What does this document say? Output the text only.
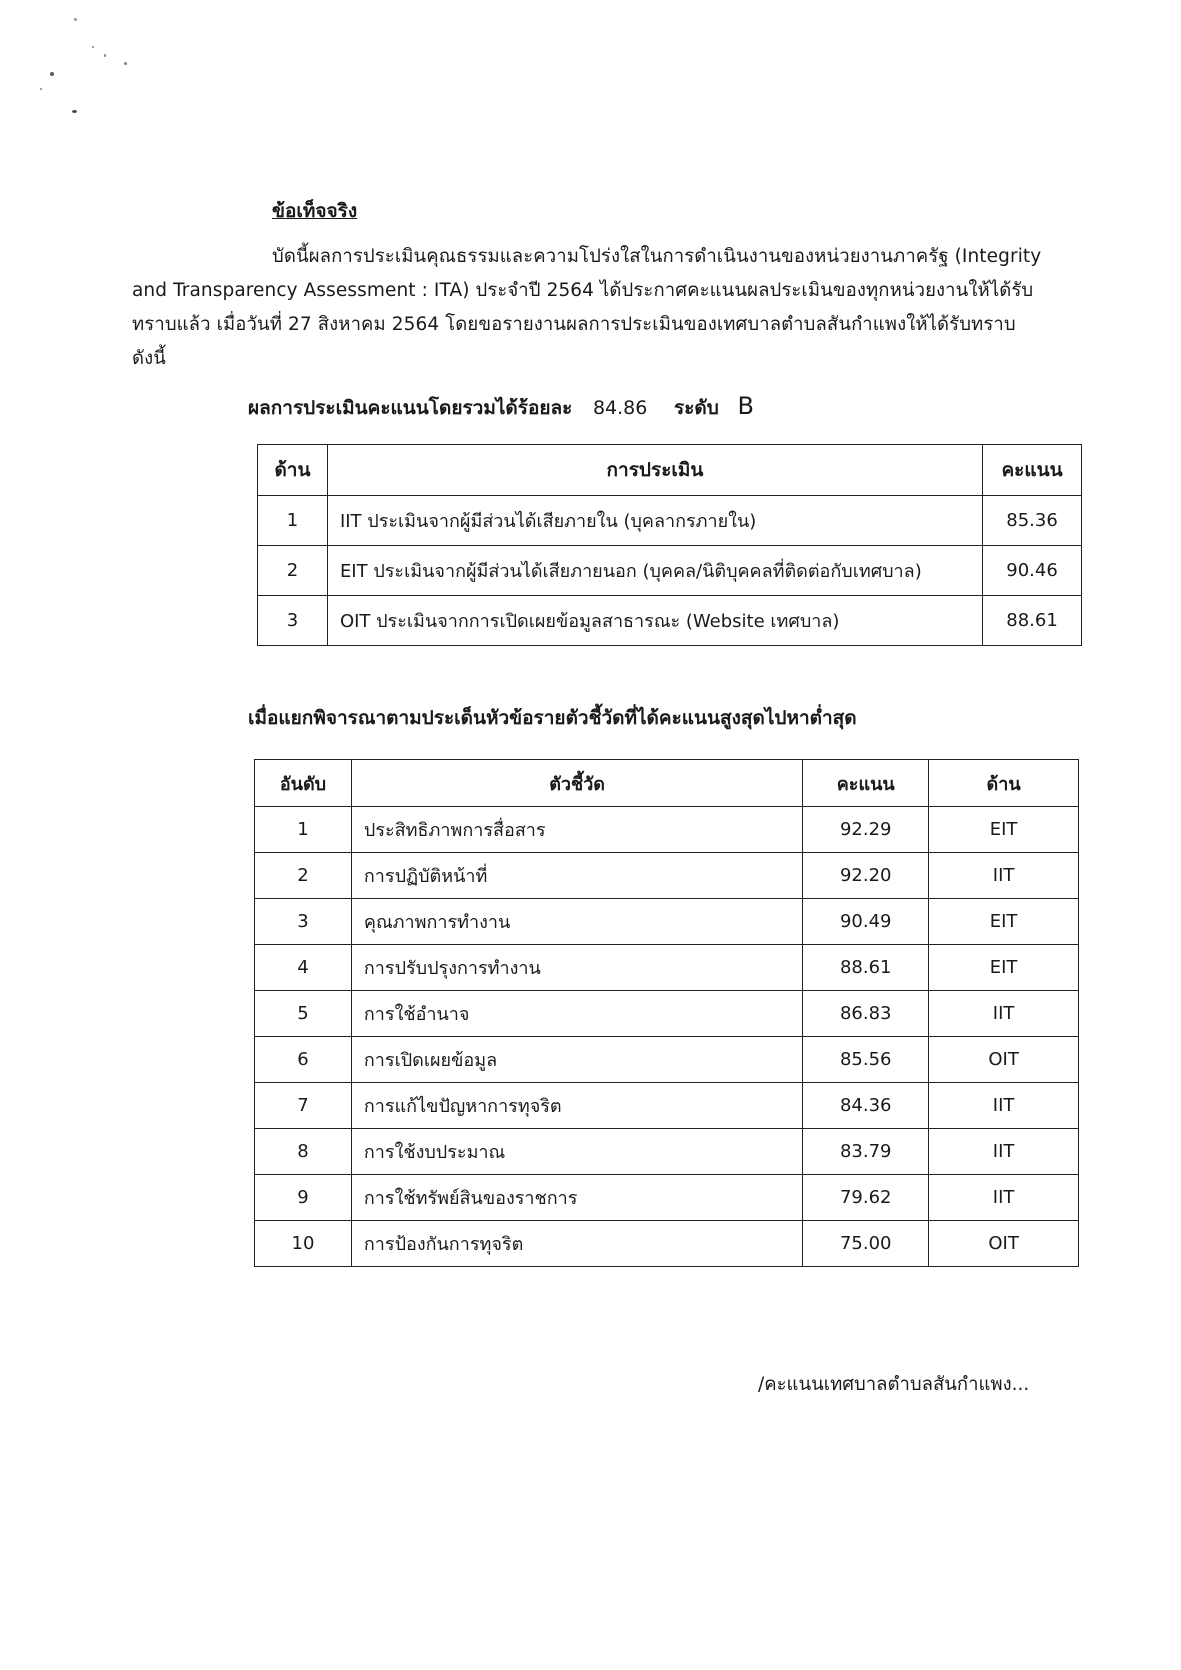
ข้อเท็จจริง
บัดนี้ผลการประเมินคุณธรรมและความโปร่งใสในการดำเนินงานของหน่วยงานภาครัฐ (Integrity
and Transparency Assessment : ITA) ประจำปี 2564 ได้ประกาศคะแนนผลประเมินของทุกหน่วยงานให้ได้รับ
ทราบแล้ว เมื่อวันที่ 27 สิงหาคม 2564 โดยขอรายงานผลการประเมินของเทศบาลตำบลสันกำแพงให้ได้รับทราบ
ดังนี้
ผลการประเมินคะแนนโดยรวมได้ร้อยละ 84.86 ระดับ B
ด้าน	การประเมิน	คะแนน
1	IIT ประเมินจากผู้มีส่วนได้เสียภายใน (บุคลากรภายใน)	85.36
2	EIT ประเมินจากผู้มีส่วนได้เสียภายนอก (บุคคล/นิติบุคคลที่ติดต่อกับเทศบาล)	90.46
3	OIT ประเมินจากการเปิดเผยข้อมูลสาธารณะ (Website เทศบาล)	88.61
เมื่อแยกพิจารณาตามประเด็นหัวข้อรายตัวชี้วัดที่ได้คะแนนสูงสุดไปหาต่ำสุด
อันดับ	ตัวชี้วัด	คะแนน	ด้าน
1	ประสิทธิภาพการสื่อสาร	92.29	EIT
2	การปฏิบัติหน้าที่	92.20	IIT
3	คุณภาพการทำงาน	90.49	EIT
4	การปรับปรุงการทำงาน	88.61	EIT
5	การใช้อำนาจ	86.83	IIT
6	การเปิดเผยข้อมูล	85.56	OIT
7	การแก้ไขปัญหาการทุจริต	84.36	IIT
8	การใช้งบประมาณ	83.79	IIT
9	การใช้ทรัพย์สินของราชการ	79.62	IIT
10	การป้องกันการทุจริต	75.00	OIT
/คะแนนเทศบาลตำบลสันกำแพง...
